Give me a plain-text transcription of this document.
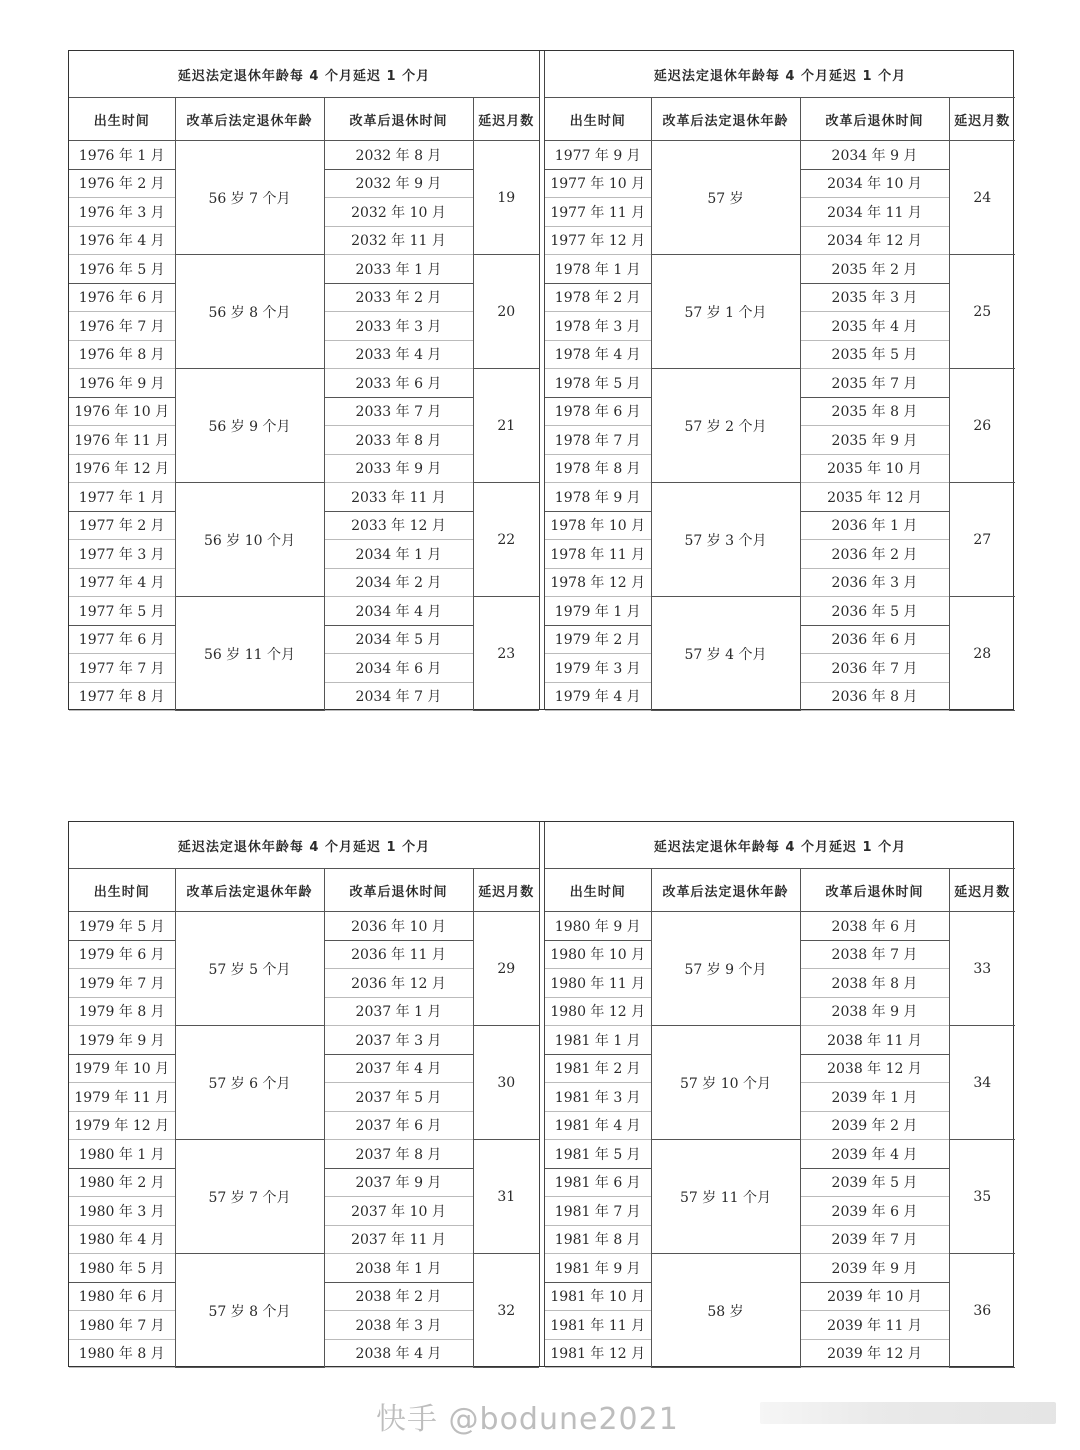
延迟法定退休年龄每 4 个月延迟 1 个月			
出生时间	改革后法定退休年龄	改革后退休时间	延迟月数
1976 年 1 月	56 岁 7 个月	2032 年 8 月	19
1976 年 2 月		2032 年 9 月	
1976 年 3 月		2032 年 10 月	
1976 年 4 月		2032 年 11 月	
1976 年 5 月	56 岁 8 个月	2033 年 1 月	20
1976 年 6 月		2033 年 2 月	
1976 年 7 月		2033 年 3 月	
1976 年 8 月		2033 年 4 月	
1976 年 9 月	56 岁 9 个月	2033 年 6 月	21
1976 年 10 月		2033 年 7 月	
1976 年 11 月		2033 年 8 月	
1976 年 12 月		2033 年 9 月	
1977 年 1 月	56 岁 10 个月	2033 年 11 月	22
1977 年 2 月		2033 年 12 月	
1977 年 3 月		2034 年 1 月	
1977 年 4 月		2034 年 2 月	
1977 年 5 月	56 岁 11 个月	2034 年 4 月	23
1977 年 6 月		2034 年 5 月	
1977 年 7 月		2034 年 6 月	
1977 年 8 月		2034 年 7 月	
延迟法定退休年龄每 4 个月延迟 1 个月			
出生时间	改革后法定退休年龄	改革后退休时间	延迟月数
1977 年 9 月	57 岁	2034 年 9 月	24
1977 年 10 月		2034 年 10 月	
1977 年 11 月		2034 年 11 月	
1977 年 12 月		2034 年 12 月	
1978 年 1 月	57 岁 1 个月	2035 年 2 月	25
1978 年 2 月		2035 年 3 月	
1978 年 3 月		2035 年 4 月	
1978 年 4 月		2035 年 5 月	
1978 年 5 月	57 岁 2 个月	2035 年 7 月	26
1978 年 6 月		2035 年 8 月	
1978 年 7 月		2035 年 9 月	
1978 年 8 月		2035 年 10 月	
1978 年 9 月	57 岁 3 个月	2035 年 12 月	27
1978 年 10 月		2036 年 1 月	
1978 年 11 月		2036 年 2 月	
1978 年 12 月		2036 年 3 月	
1979 年 1 月	57 岁 4 个月	2036 年 5 月	28
1979 年 2 月		2036 年 6 月	
1979 年 3 月		2036 年 7 月	
1979 年 4 月		2036 年 8 月	
延迟法定退休年龄每 4 个月延迟 1 个月			
出生时间	改革后法定退休年龄	改革后退休时间	延迟月数
1979 年 5 月	57 岁 5 个月	2036 年 10 月	29
1979 年 6 月		2036 年 11 月	
1979 年 7 月		2036 年 12 月	
1979 年 8 月		2037 年 1 月	
1979 年 9 月	57 岁 6 个月	2037 年 3 月	30
1979 年 10 月		2037 年 4 月	
1979 年 11 月		2037 年 5 月	
1979 年 12 月		2037 年 6 月	
1980 年 1 月	57 岁 7 个月	2037 年 8 月	31
1980 年 2 月		2037 年 9 月	
1980 年 3 月		2037 年 10 月	
1980 年 4 月		2037 年 11 月	
1980 年 5 月	57 岁 8 个月	2038 年 1 月	32
1980 年 6 月		2038 年 2 月	
1980 年 7 月		2038 年 3 月	
1980 年 8 月		2038 年 4 月	
延迟法定退休年龄每 4 个月延迟 1 个月			
出生时间	改革后法定退休年龄	改革后退休时间	延迟月数
1980 年 9 月	57 岁 9 个月	2038 年 6 月	33
1980 年 10 月		2038 年 7 月	
1980 年 11 月		2038 年 8 月	
1980 年 12 月		2038 年 9 月	
1981 年 1 月	57 岁 10 个月	2038 年 11 月	34
1981 年 2 月		2038 年 12 月	
1981 年 3 月		2039 年 1 月	
1981 年 4 月		2039 年 2 月	
1981 年 5 月	57 岁 11 个月	2039 年 4 月	35
1981 年 6 月		2039 年 5 月	
1981 年 7 月		2039 年 6 月	
1981 年 8 月		2039 年 7 月	
1981 年 9 月	58 岁	2039 年 9 月	36
1981 年 10 月		2039 年 10 月	
1981 年 11 月		2039 年 11 月	
1981 年 12 月		2039 年 12 月	
快手 @bodune2021
